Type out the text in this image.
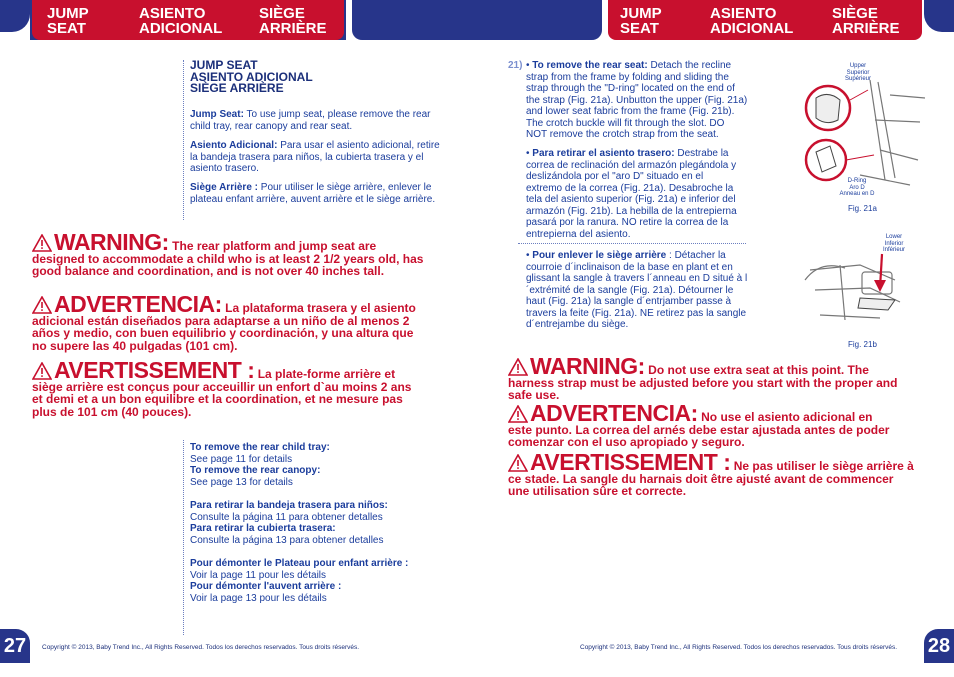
JUMP
SEAT
ASIENTO
ADICIONAL
SIÈGE
ARRIÈRE
JUMP
SEAT
ASIENTO
ADICIONAL
SIÈGE
ARRIÈRE
JUMP SEAT
ASIENTO ADICIONAL
SIÈGE ARRIÈRE
Jump Seat: To use jump seat, please remove the rear child tray, rear canopy and rear seat.
Asiento Adicional: Para usar el asiento adicional, retire la bandeja trasera para niños, la cubierta trasera y el asiento trasero.
Siège Arrière : Pour utiliser le siège arrière, enlever le plateau enfant arrière, auvent arrière et le siège arrière.
WARNING: The rear platform and jump seat are designed to accommodate a child who is at least 2 1/2 years old, has good balance and coordination, and is not over 40 inches tall.
ADVERTENCIA: La plataforma trasera y el asiento adicional están diseñados para adaptarse a un niño de al menos 2 años y medio, con buen equilibrio y coordinación, y una altura que no supere las 40 pulgadas (101 cm).
AVERTISSEMENT : La plate-forme arrière et siège arrière est conçus pour acceuillir un enfort d`au moins 2 ans et demi et a un bon equilibre et la coordination, et ne mesure pas plus de 101 cm (40 pouces).
To remove the rear child tray:
See page 11 for details
To remove the rear canopy:
See page 13 for details
Para retirar la bandeja trasera para niños:
Consulte la página 11 para obtener detalles
Para retirar la cubierta trasera:
Consulte la página 13 para obtener detalles
Pour démonter le Plateau pour enfant arrière :
Voir la page 11 pour les détails
Pour démonter l'auvent arrière :
Voir la page 13 pour les détails
27	Copyright © 2013, Baby Trend Inc., All Rights Reserved. Todos los derechos reservados. Tous droits réservés.
21) • To remove the rear seat: Detach the recline strap from the frame by folding and sliding the strap through the "D-ring" located on the end of the strap (Fig. 21a). Unbutton the upper (Fig. 21a) and lower seat fabric from the frame (Fig. 21b). The crotch buckle will fit through the slot. DO NOT remove the crotch strap from the seat.
• Para retirar el asiento trasero: Destrabe la correa de reclinación del armazón plegándola y deslizándola por el "aro D" situado en el extremo de la correa (Fig. 21a). Desabroche la tela del asiento superior (Fig. 21a) e inferior del armazón (Fig. 21b). La hebilla de la entrepierna pasará por la ranura. NO retire la correa de la entrepierna del asiento.
• Pour enlever le siège arrière : Détacher la courroie d´inclinaison de la base en plant et en glissant la sangle à travers l´anneau en D situé à l´extrémité de la sangle (Fig. 21a). Détourner le haut (Fig. 21a) la sangle d´entrjamber passe à travers la feite (Fig. 21a). NE retirez pas la sangle d´entrejambe du siège.
Upper
Superior
Supérieur
D-Ring
Aro D
Anneau en D
Fig. 21a
Lower
Inferior
Inférieur
Fig. 21b
WARNING: Do not use extra seat at this point. The harness strap must be adjusted before you start with the proper and safe use.
ADVERTENCIA: No use el asiento adicional en este punto. La correa del arnés debe estar ajustada antes de poder comenzar con el uso apropiado y seguro.
AVERTISSEMENT : Ne pas utiliser le siège arrière à ce stade. La sangle du harnais doit être ajusté avant de commencer une utilisation sûre et correcte.
Copyright © 2013, Baby Trend Inc., All Rights Reserved. Todos los derechos reservados. Tous droits réservés. 28
